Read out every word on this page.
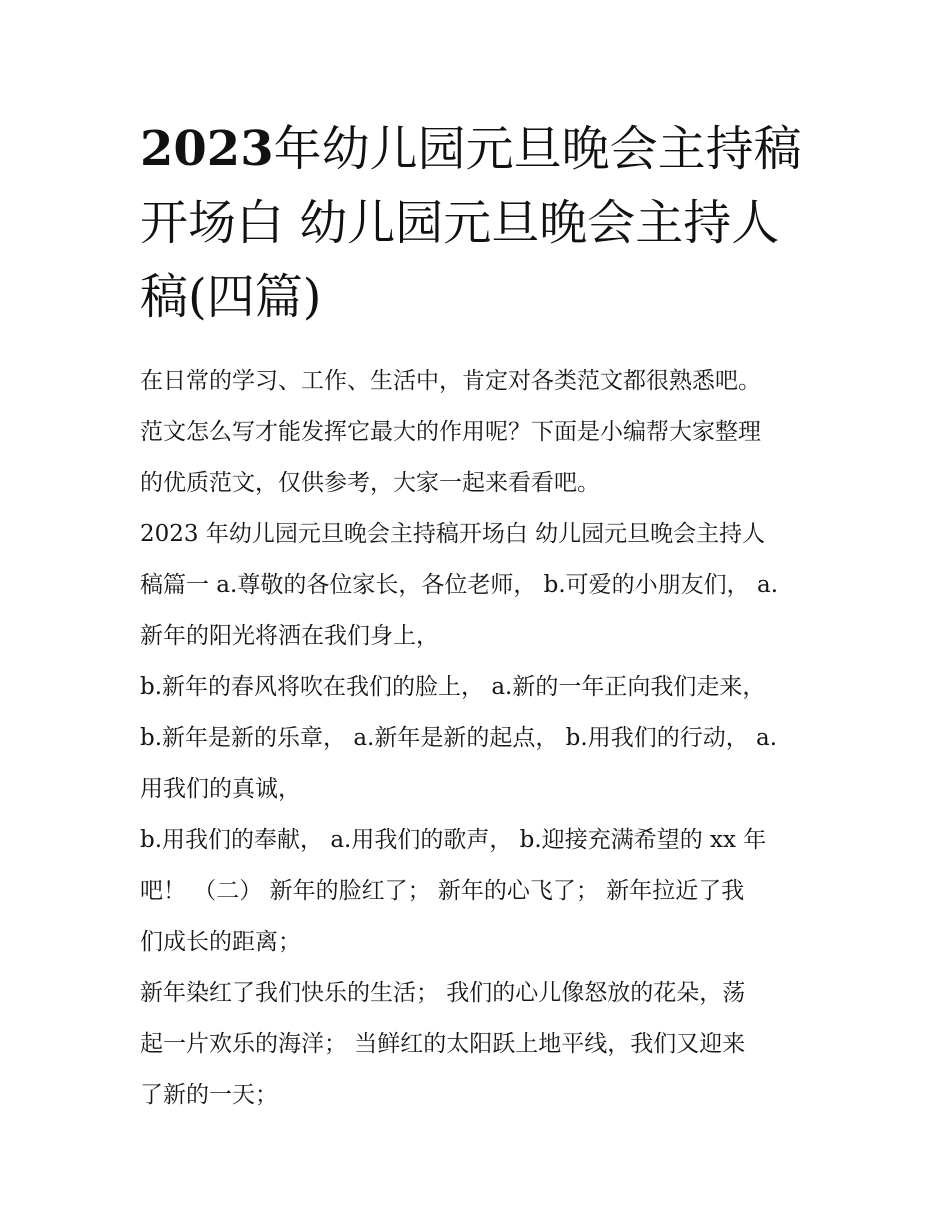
2023年幼儿园元旦晚会主持稿
开场白 幼儿园元旦晚会主持人
稿(四篇)
在日常的学习、工作、生活中，肯定对各类范文都很熟悉吧。
范文怎么写才能发挥它最大的作用呢？下面是小编帮大家整理
的优质范文，仅供参考，大家一起来看看吧。
2023 年幼儿园元旦晚会主持稿开场白 幼儿园元旦晚会主持人
稿篇一 a.尊敬的各位家长，各位老师， b.可爱的小朋友们， a.
新年的阳光将洒在我们身上，
b.新年的春风将吹在我们的脸上， a.新的一年正向我们走来，
b.新年是新的乐章， a.新年是新的起点， b.用我们的行动， a.
用我们的真诚，
b.用我们的奉献， a.用我们的歌声， b.迎接充满希望的 xx 年
吧！ （二） 新年的脸红了； 新年的心飞了； 新年拉近了我
们成长的距离；
新年染红了我们快乐的生活； 我们的心儿像怒放的花朵，荡
起一片欢乐的海洋； 当鲜红的太阳跃上地平线，我们又迎来
了新的一天；
